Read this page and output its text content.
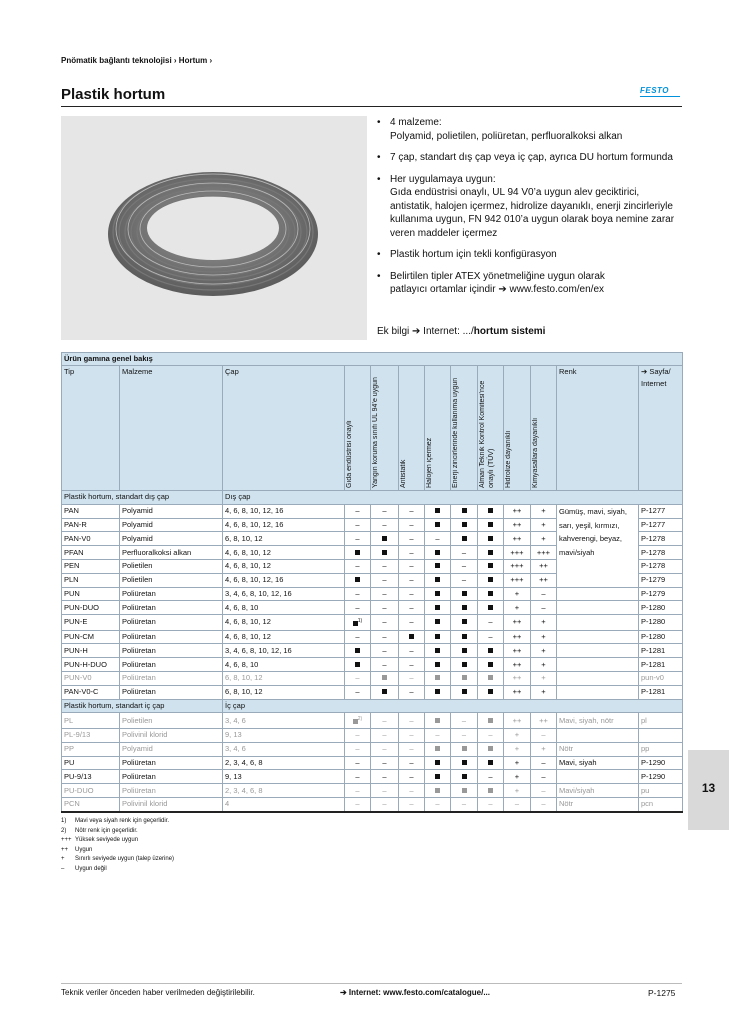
Pnömatik bağlantı teknolojisi › Hortum ›
Plastik hortum	FESTO
• 4 malzeme:
Polyamid, polietilen, poliüretan, perfluoralkoksi alkan
• 7 çap, standart dış çap veya iç çap, ayrıca DU hortum formunda
• Her uygulamaya uygun:
Gıda endüstrisi onaylı, UL 94 V0’a uygun alev geciktirici, antistatik, halojen içermez, hidrolize dayanıklı, enerji zincirleriyle kullanıma uygun, FN 942 010’a uygun olarak boya nemine zarar veren maddeler içermez
• Plastik hortum için tekli konfigürasyon
• Belirtilen tipler ATEX yönetmeliğine uygun olarak
patlayıcı ortamlar içindir ➔ www.festo.com/en/ex
Ek bilgi ➔ Internet: .../hortum sistemi
Ürün gamına genel bakış												
Tip	Malzeme	Çap	Gıda endüstrisi onaylı	Yangın koruma sınıfı UL 94’e uygun	Antistatik	Halojen içermez	Enerji zincirlerinde kullanıma uygun	Alman Teknik Kontrol Komitesi’nce onaylı (TÜV)	Hidrolize dayanıklı	Kimyasallara dayanıklı	Renk	➔ Sayfa/ Internet
Plastik hortum, standart dış çap		Dış çap										
PAN	Polyamid	4, 6, 8, 10, 12, 16	–	–	–				++	+	Gümüş, mavi, siyah, sarı, yeşil, kırmızı, kahverengi, beyaz, mavi/siyah	P-1277
PAN-R	Polyamid	4, 6, 8, 10, 12, 16	–	–	–				++	+		P-1277
PAN-V0	Polyamid	6, 8, 10, 12	–		–	–			++	+		P-1278
PFAN	Perfluoralkoksi alkan	4, 6, 8, 10, 12			–		–		+++	+++		P-1278
PEN	Polietilen	4, 6, 8, 10, 12	–	–	–		–		+++	++		P-1278
PLN	Polietilen	4, 6, 8, 10, 12, 16		–	–		–		+++	++		P-1279
PUN	Poliüretan	3, 4, 6, 8, 10, 12, 16	–	–	–				+	–		P-1279
PUN-DUO	Poliüretan	4, 6, 8, 10	–	–	–				+	–		P-1280
PUN-E	Poliüretan	4, 6, 8, 10, 12	$^{1)}$	–	–			–	++	+		P-1280
PUN-CM	Poliüretan	4, 6, 8, 10, 12	–	–				–	++	+		P-1280
PUN-H	Poliüretan	3, 4, 6, 8, 10, 12, 16		–	–				++	+		P-1281
PUN-H-DUO	Poliüretan	4, 6, 8, 10		–	–				++	+		P-1281
PUN-V0	Poliüretan	6, 8, 10, 12	–		–				++	+		pun-v0
PAN-V0-C	Poliüretan	6, 8, 10, 12	–		–				++	+		P-1281
Plastik hortum, standart iç çap		İç çap										
PL	Polietilen	3, 4, 6	$^{2)}$	–	–		–		++	++	Mavi, siyah, nötr	pl
PL-9/13	Polivinil klorid	9, 13	–	–	–	–	–	–	+	–		
PP	Polyamid	3, 4, 6	–	–	–				+	+	Nötr	pp
PU	Poliüretan	2, 3, 4, 6, 8	–	–	–				+	–	Mavi, siyah	P-1290
PU-9/13	Poliüretan	9, 13	–	–	–			–	+	–		P-1290
PU-DUO	Poliüretan	2, 3, 4, 6, 8	–	–	–				+	–	Mavi/siyah	pu
PCN	Polivinil klorid	4	–	–	–	–	–	–	–	–	Nötr	pcn
1) Mavi veya siyah renk için geçerlidir.
2) Nötr renk için geçerlidir.
+++ Yüksek seviyede uygun
++ Uygun
+ Sınırlı seviyede uygun (talep üzerine)
– Uygun değil
13
Teknik veriler önceden haber verilmeden değiştirilebilir.	➔ Internet: www.festo.com/catalogue/...	P-1275
